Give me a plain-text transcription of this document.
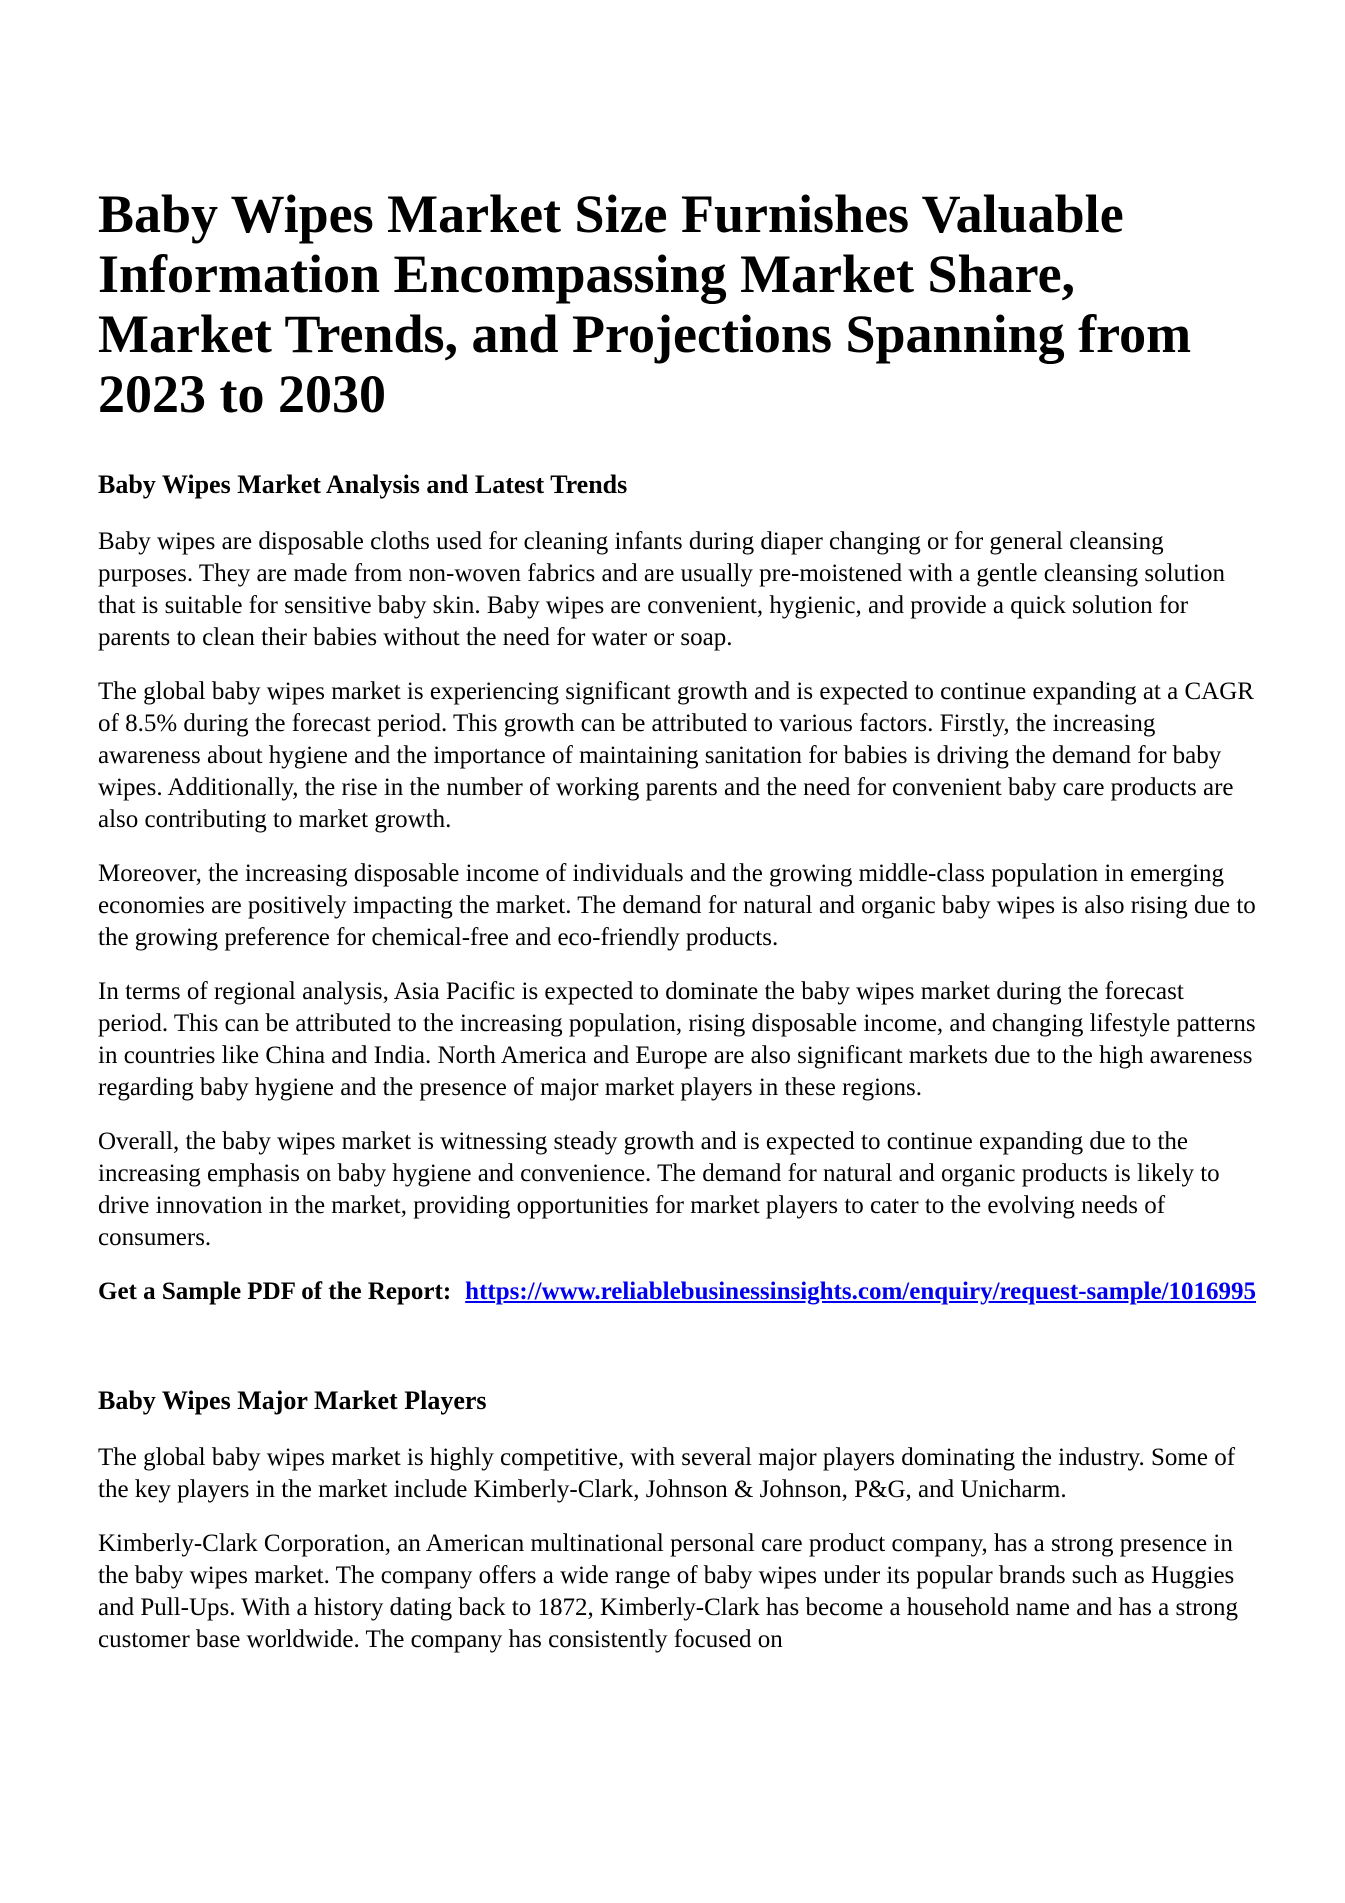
Baby Wipes Market Size Furnishes Valuable Information Encompassing Market Share, Market Trends, and Projections Spanning from 2023 to 2030
Baby Wipes Market Analysis and Latest Trends

Baby wipes are disposable cloths used for cleaning infants during diaper changing or for general cleansing purposes. They are made from non-woven fabrics and are usually pre-moistened with a gentle cleansing solution that is suitable for sensitive baby skin. Baby wipes are convenient, hygienic, and provide a quick solution for parents to clean their babies without the need for water or soap.

The global baby wipes market is experiencing significant growth and is expected to continue expanding at a CAGR of 8.5% during the forecast period. This growth can be attributed to various factors. Firstly, the increasing awareness about hygiene and the importance of maintaining sanitation for babies is driving the demand for baby wipes. Additionally, the rise in the number of working parents and the need for convenient baby care products are also contributing to market growth.

Moreover, the increasing disposable income of individuals and the growing middle-class population in emerging economies are positively impacting the market. The demand for natural and organic baby wipes is also rising due to the growing preference for chemical-free and eco-friendly products.

In terms of regional analysis, Asia Pacific is expected to dominate the baby wipes market during the forecast period. This can be attributed to the increasing population, rising disposable income, and changing lifestyle patterns in countries like China and India. North America and Europe are also significant markets due to the high awareness regarding baby hygiene and the presence of major market players in these regions.

Overall, the baby wipes market is witnessing steady growth and is expected to continue expanding due to the increasing emphasis on baby hygiene and convenience. The demand for natural and organic products is likely to drive innovation in the market, providing opportunities for market players to cater to the evolving needs of consumers.

Get a Sample PDF of the Report: https://www.reliablebusinessinsights.com/enquiry/request-sample/1016995

Baby Wipes Major Market Players

The global baby wipes market is highly competitive, with several major players dominating the industry. Some of the key players in the market include Kimberly-Clark, Johnson & Johnson, P&G, and Unicharm.

Kimberly-Clark Corporation, an American multinational personal care product company, has a strong presence in the baby wipes market. The company offers a wide range of baby wipes under its popular brands such as Huggies and Pull-Ups. With a history dating back to 1872, Kimberly-Clark has become a household name and has a strong customer base worldwide. The company has consistently focused on
